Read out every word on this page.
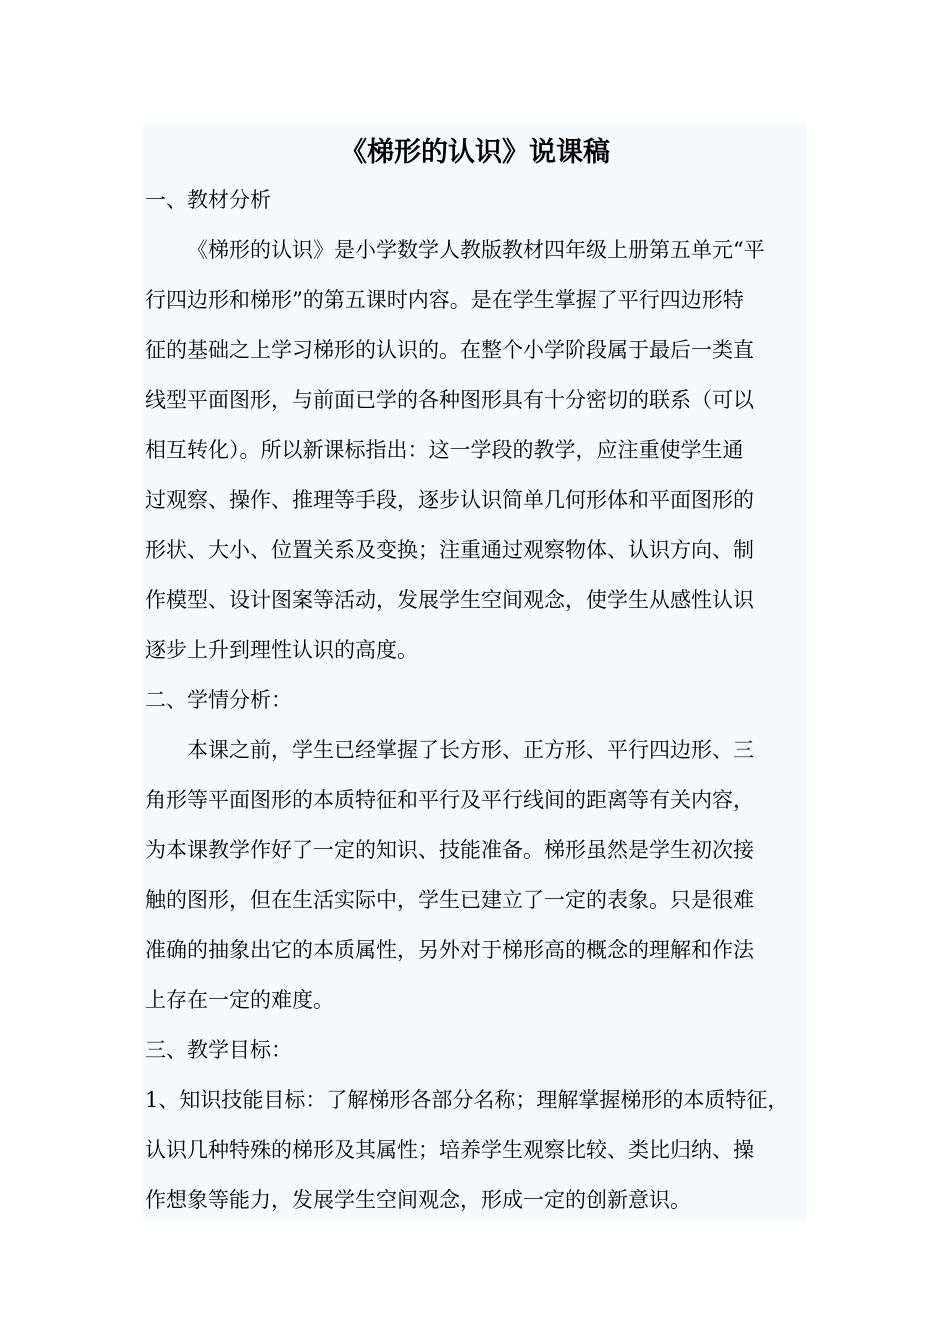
《梯形的认识》说课稿
一、教材分析
《梯形的认识》是小学数学人教版教材四年级上册第五单元“平
行四边形和梯形”的第五课时内容。是在学生掌握了平行四边形特
征的基础之上学习梯形的认识的。在整个小学阶段属于最后一类直
线型平面图形，与前面已学的各种图形具有十分密切的联系（可以
相互转化）。所以新课标指出：这一学段的教学，应注重使学生通
过观察、操作、推理等手段，逐步认识简单几何形体和平面图形的
形状、大小、位置关系及变换；注重通过观察物体、认识方向、制
作模型、设计图案等活动，发展学生空间观念，使学生从感性认识
逐步上升到理性认识的高度。
二、学情分析：
本课之前，学生已经掌握了长方形、正方形、平行四边形、三
角形等平面图形的本质特征和平行及平行线间的距离等有关内容，
为本课教学作好了一定的知识、技能准备。梯形虽然是学生初次接
触的图形，但在生活实际中，学生已建立了一定的表象。只是很难
准确的抽象出它的本质属性，另外对于梯形高的概念的理解和作法
上存在一定的难度。
三、教学目标：
1、知识技能目标：了解梯形各部分名称；理解掌握梯形的本质特征，
认识几种特殊的梯形及其属性；培养学生观察比较、类比归纳、操
作想象等能力，发展学生空间观念，形成一定的创新意识。
